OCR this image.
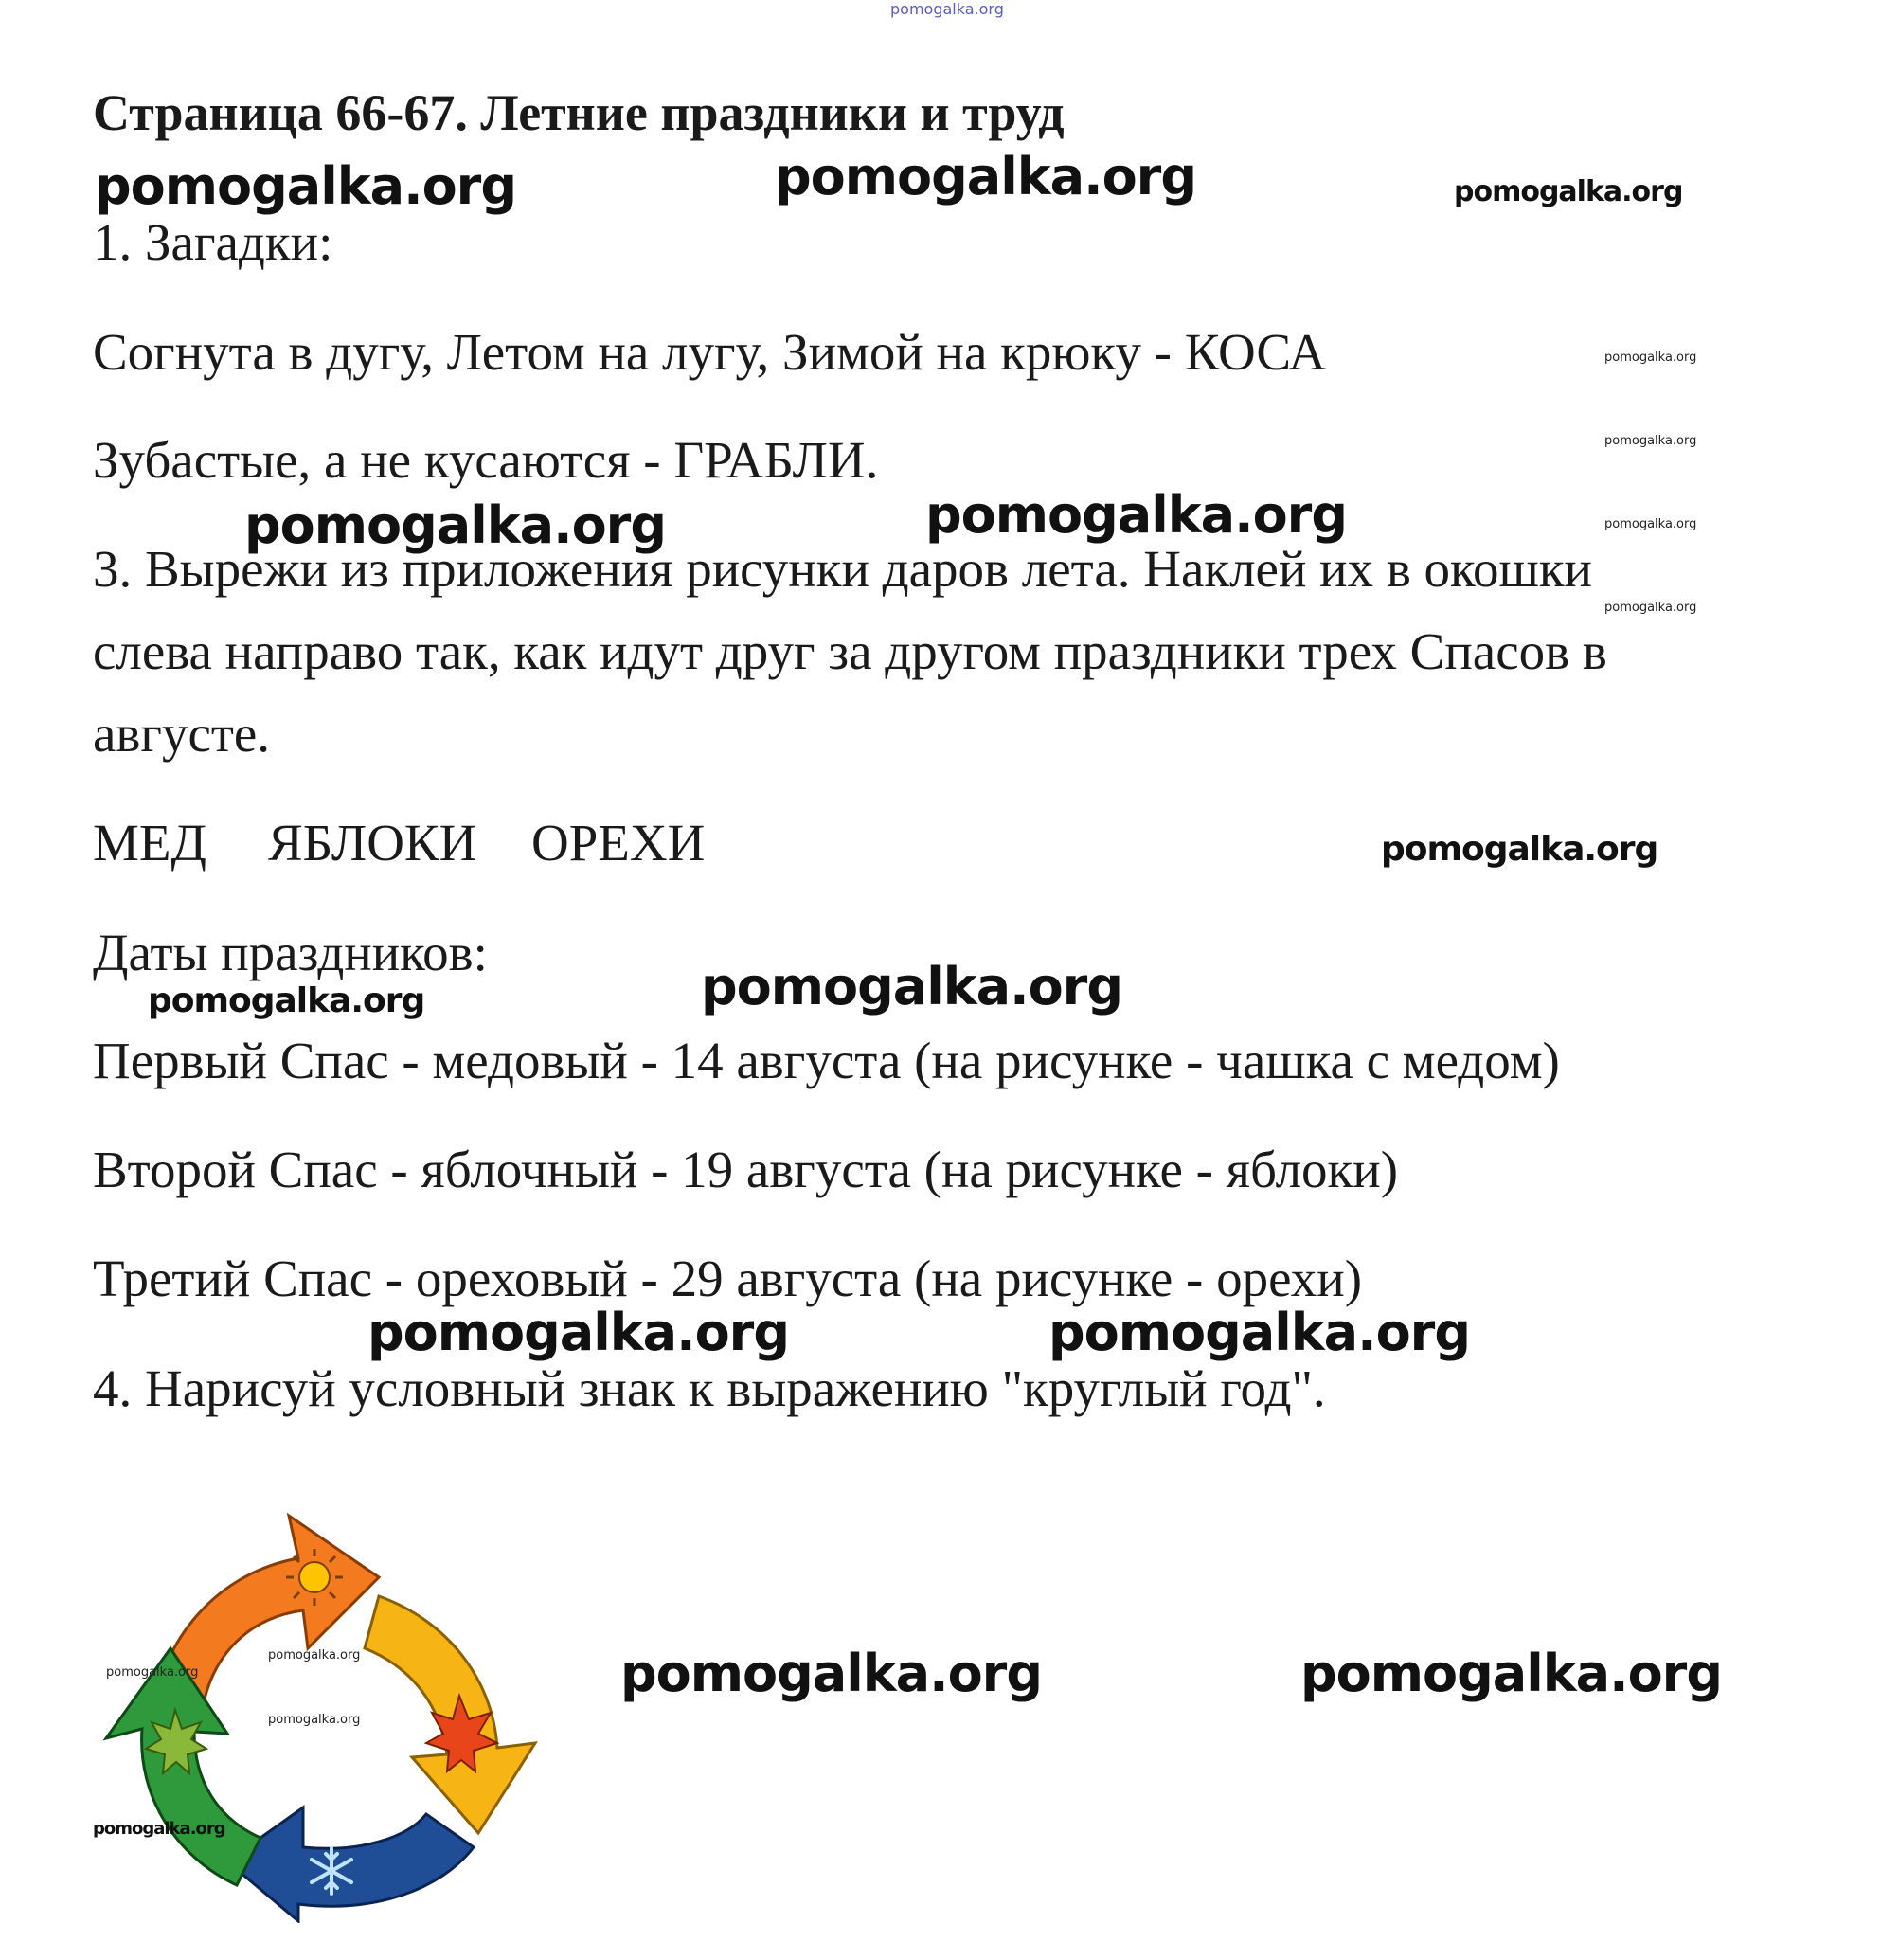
pomogalka.org
Страница 66-67. Летние праздники и труд
pomogalka.org	pomogalka.org	pomogalka.org
1. Загадки:
Согнута в дугу, Летом на лугу, Зимой на крюку - КОСА	pomogalka.org
Зубастые, а не кусаются - ГРАБЛИ.	pomogalka.org
pomogalka.org	pomogalka.org	pomogalka.org
3. Вырежи из приложения рисунки даров лета. Наклей их в окошки
pomogalka.org
слева направо так, как идут друг за другом праздники трех Спасов в
августе.
МЕД ЯБЛОКИ ОРЕХИ	pomogalka.org
Даты праздников:
pomogalka.org	pomogalka.org
Первый Спас - медовый - 14 августа (на рисунке - чашка с медом)
Второй Спас - яблочный - 19 августа (на рисунке - яблоки)
Третий Спас - ореховый - 29 августа (на рисунке - орехи)
pomogalka.org	pomogalka.org
4. Нарисуй условный знак к выражению "круглый год".
pomogalka.org
pomogalka.org
pomogalka.org
pomogalka.org
pomogalka.org	pomogalka.org
